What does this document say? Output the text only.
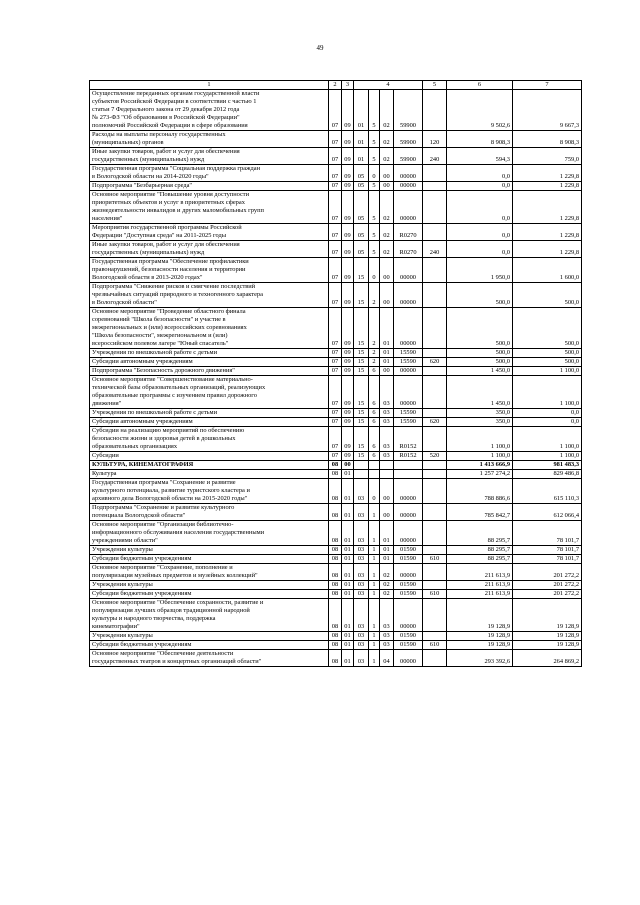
49
1	2	3	4				5	6	7
Осуществление переданных органам государственной власти
субъектов Российской Федерации в соответствии с частью 1
статьи 7 Федерального закона от 29 декабря 2012 года
№ 273-ФЗ "Об образовании в Российской Федерации"
полномочий Российской Федерации в сфере образования	07	09	01	5	02	59900		9 502,6	9 667,3
Расходы на выплаты персоналу государственных
(муниципальных) органов	07	09	01	5	02	59900	120	8 908,3	8 908,3
Иные закупки товаров, работ и услуг для обеспечения
государственных (муниципальных) нужд	07	09	01	5	02	59900	240	594,3	759,0
Государственная программа "Социальная поддержка граждан
в Вологодской области на 2014-2020 годы"	07	09	05	0	00	00000		0,0	1 229,8
Подпрограмма "Безбарьерная среда"	07	09	05	5	00	00000		0,0	1 229,8
Основное мероприятие "Повышение уровня доступности
приоритетных объектов и услуг в приоритетных сферах
жизнедеятельности инвалидов и других маломобильных групп
населения"	07	09	05	5	02	00000		0,0	1 229,8
Мероприятия государственной программы Российской
Федерации "Доступная среда" на 2011-2025 годы	07	09	05	5	02	R0270		0,0	1 229,8
Иные закупки товаров, работ и услуг для обеспечения
государственных (муниципальных) нужд	07	09	05	5	02	R0270	240	0,0	1 229,8
Государственная программа "Обеспечение профилактики
правонарушений, безопасности населения и территории
Вологодской области в 2013-2020 годах"	07	09	15	0	00	00000		1 950,0	1 600,0
Подпрограмма "Снижение рисков и смягчение последствий
чрезвычайных ситуаций природного и техногенного характера
в Вологодской области"	07	09	15	2	00	00000		500,0	500,0
Основное мероприятие "Проведение областного финала
соревнований "Школа безопасности" и участие в
межрегиональных и (или) всероссийских соревнованиях
"Школа безопасности", межрегиональном и (или)
всероссийском полевом лагере "Юный спасатель"	07	09	15	2	01	00000		500,0	500,0
Учреждения по внешкольной работе с детьми	07	09	15	2	01	15590		500,0	500,0
Субсидии автономным учреждениям	07	09	15	2	01	15590	620	500,0	500,0
Подпрограмма "Безопасность дорожного движения"	07	09	15	6	00	00000		1 450,0	1 100,0
Основное мероприятие "Совершенствование материально-
технической базы образовательных организаций, реализующих
образовательные программы с изучением правил дорожного
движения"	07	09	15	6	03	00000		1 450,0	1 100,0
Учреждения по внешкольной работе с детьми	07	09	15	6	03	15590		350,0	0,0
Субсидии автономным учреждениям	07	09	15	6	03	15590	620	350,0	0,0
Субсидии на реализацию мероприятий по обеспечению
безопасности жизни и здоровья детей в дошкольных
образовательных организациях	07	09	15	6	03	R0152		1 100,0	1 100,0
Субсидии	07	09	15	6	03	R0152	520	1 100,0	1 100,0
КУЛЬТУРА, КИНЕМАТОГРАФИЯ	08	00						1 413 666,9	981 483,3
Культура	08	01						1 257 274,2	829 486,8
Государственная программа "Сохранение и развитие
культурного потенциала, развитие туристского кластера и
архивного дела Вологодской области на 2015-2020 годы"	08	01	03	0	00	00000		788 886,6	615 110,3
Подпрограмма "Сохранение и развитие культурного
потенциала Вологодской области"	08	01	03	1	00	00000		785 842,7	612 066,4
Основное мероприятие "Организация библиотечно-
информационного обслуживания населения государственными
учреждениями области"	08	01	03	1	01	00000		88 295,7	78 101,7
Учреждения культуры	08	01	03	1	01	01590		88 295,7	78 101,7
Субсидии бюджетным учреждениям	08	01	03	1	01	01590	610	88 295,7	78 101,7
Основное мероприятие "Сохранение, пополнение и
популяризация музейных предметов и музейных коллекций"	08	01	03	1	02	00000		211 613,9	201 272,2
Учреждения культуры	08	01	03	1	02	01590		211 613,9	201 272,2
Субсидии бюджетным учреждениям	08	01	03	1	02	01590	610	211 613,9	201 272,2
Основное мероприятие "Обеспечение сохранности, развитие и
популяризация лучших образцов традиционной народной
культуры и народного творчества, поддержка
кинематографии"	08	01	03	1	03	00000		19 128,9	19 128,9
Учреждения культуры	08	01	03	1	03	01590		19 128,9	19 128,9
Субсидии бюджетным учреждениям	08	01	03	1	03	01590	610	19 128,9	19 128,9
Основное мероприятие "Обеспечение деятельности
государственных театров и концертных организаций области"	08	01	03	1	04	00000		293 392,6	264 869,2
